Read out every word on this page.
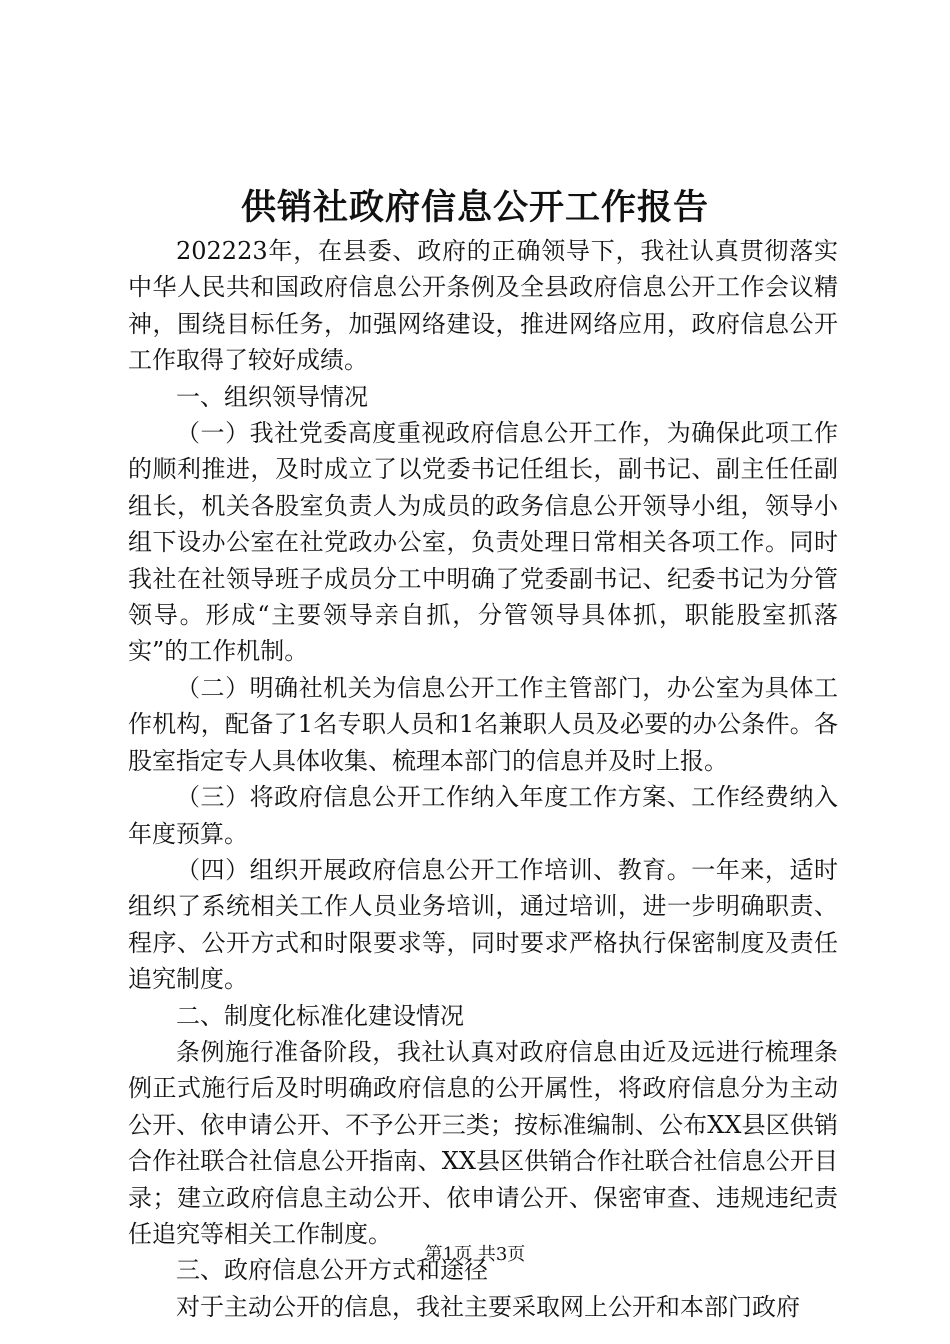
供销社政府信息公开工作报告

202223年，在县委、政府的正确领导下，我社认真贯彻落实中华人民共和国政府信息公开条例及全县政府信息公开工作会议精神，围绕目标任务，加强网络建设，推进网络应用，政府信息公开工作取得了较好成绩。

一、组织领导情况

（一）我社党委高度重视政府信息公开工作，为确保此项工作的顺利推进，及时成立了以党委书记任组长，副书记、副主任任副组长，机关各股室负责人为成员的政务信息公开领导小组，领导小组下设办公室在社党政办公室，负责处理日常相关各项工作。同时我社在社领导班子成员分工中明确了党委副书记、纪委书记为分管领导。形成“主要领导亲自抓，分管领导具体抓，职能股室抓落实”的工作机制。

（二）明确社机关为信息公开工作主管部门，办公室为具体工作机构，配备了1名专职人员和1名兼职人员及必要的办公条件。各股室指定专人具体收集、梳理本部门的信息并及时上报。

（三）将政府信息公开工作纳入年度工作方案、工作经费纳入年度预算。

（四）组织开展政府信息公开工作培训、教育。一年来，适时组织了系统相关工作人员业务培训，通过培训，进一步明确职责、程序、公开方式和时限要求等，同时要求严格执行保密制度及责任追究制度。

二、制度化标准化建设情况

条例施行准备阶段，我社认真对政府信息由近及远进行梳理条例正式施行后及时明确政府信息的公开属性，将政府信息分为主动公开、依申请公开、不予公开三类；按标准编制、公布XX县区供销合作社联合社信息公开指南、XX县区供销合作社联合社信息公开目录；建立政府信息主动公开、依申请公开、保密审查、违规违纪责任追究等相关工作制度。

三、政府信息公开方式和途径

对于主动公开的信息，我社主要采取网上公开和本部门政府

第1页 共3页
